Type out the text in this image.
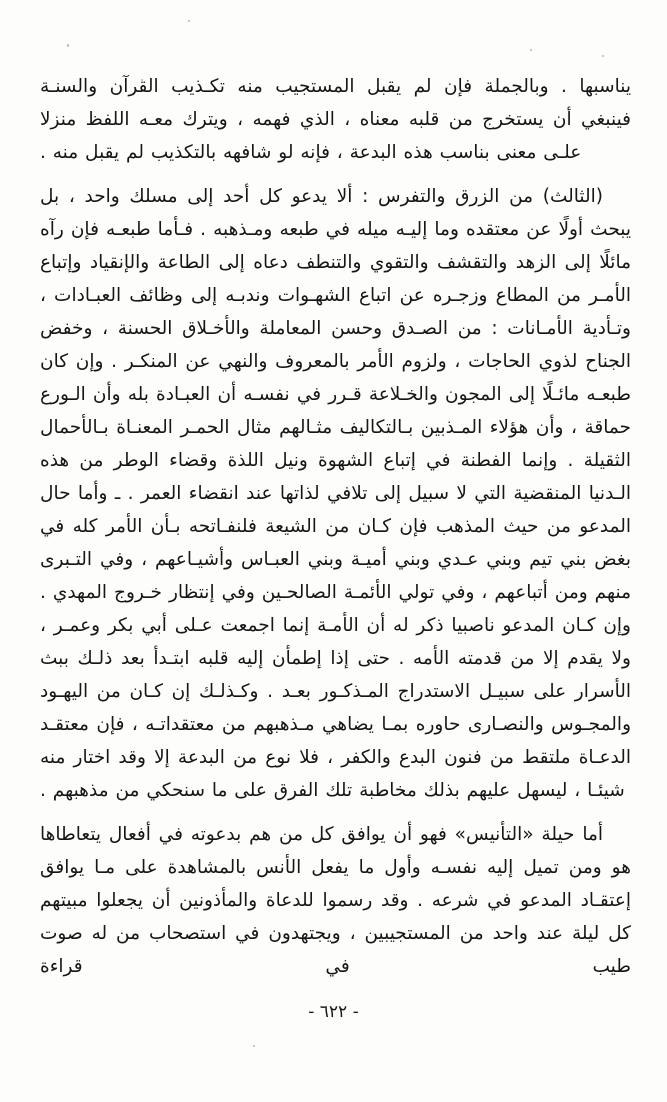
يناسبها . وبالجملة فإن لم يقبل المستجيب منه تكـذيب القرآن والسنـة فينبغي أن يستخرج من قلبه معناه ، الذي فهمه ، ويترك معـه اللفظ منزلا علـى معنى بناسب هذه البدعة ، فإنه لو شافهه بالتكذيب لم يقبل منه .

(الثالث) من الزرق والتفرس : ألا يدعو كل أحد إلى مسلك واحد ، بل يبحث أولًا عن معتقده وما إليـه ميله في طبعه ومـذهبه . فـأما طبعـه فإن رآه مائلًا إلى الزهد والتقشف والتقوي والتنطف دعاه إلى الطاعة والإنقياد وإتباع الأمـر من المطاع وزجـره عن اتباع الشهـوات وندبـه إلى وظائف العبـادات ، وتـأدية الأمـانات : من الصـدق وحسن المعاملة والأخـلاق الحسنة ، وخفض الجناح لذوي الحاجات ، ولزوم الأمر بالمعروف والنهي عن المنكـر . وإن كان طبعـه مائـلًا إلى المجون والخـلاعة قـرر في نفسـه أن العبـادة بله وأن الـورع حماقة ، وأن هؤلاء المـذبين بـالتكاليف مثـالهم مثال الحمـر المعنـاة بـالأحمال الثقيلة . وإنما الفطنة في إتباع الشهوة ونيل اللذة وقضاء الوطر من هذه الـدنيا المنقضية التي لا سبيل إلى تلافي لذاتها عند انقضاء العمر . ـ وأما حال المدعو من حيث المذهب فإن كـان من الشيعة فلنفـاتحه بـأن الأمر كله في بغض بني تيم وبني عـدي وبني أميـة وبني العبـاس وأشيـاعهم ، وفي التـبرى منهم ومن أتباعهم ، وفي تولي الأئمـة الصالحـين وفي إنتظار خـروج المهدي . وإن كـان المدعو ناصبيا ذكر له أن الأمـة إنما اجمعت عـلى أبي بكر وعمـر ، ولا يقدم إلا من قدمته الأمه . حتى إذا إطمأن إليه قلبه ابتـدأ بعد ذلـك ببث الأسرار على سبيـل الاستدراج المـذكـور بعـد . وكـذلـك إن كـان من اليهـود والمجـوس والنصـارى حاوره بمـا يضاهي مـذهبهم من معتقداتـه ، فإن معتقـد الدعـاة ملتقط من فنون البدع والكفر ، فلا نوع من البدعة إلا وقد اختار منه شيئـا ، ليسهل عليهم بذلك مخاطبة تلك الفرق على ما سنحكي من مذهبهم .

أما حيلة «التأنيس» فهو أن يوافق كل من هم بدعوته في أفعال يتعاطاها هو ومن تميل إليه نفسـه وأول ما يفعل الأنس بالمشاهدة على مـا يوافق إعتقـاد المدعو في شرعه . وقد رسموا للدعاة والمأذونين أن يجعلوا مبيتهم كل ليلة عند واحد من المستجيبين ، ويجتهدون في استصحاب من له صوت طيب في قراءة

- ٦٢٢ -
